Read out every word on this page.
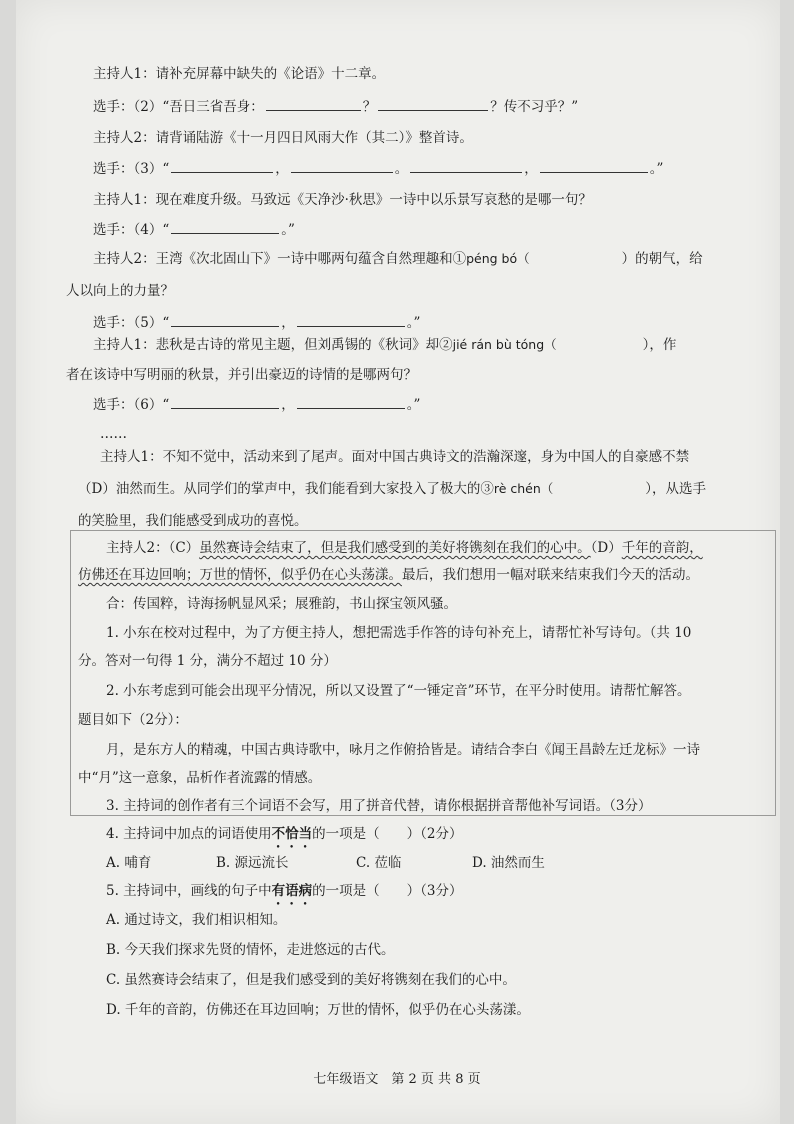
主持人1：请补充屏幕中缺失的《论语》十二章。
选手：（2）“吾日三省吾身：	？	？传不习乎？”
主持人2：请背诵陆游《十一月四日风雨大作（其二）》整首诗。
选手：（3）“	，	。	，	。”
主持人1：现在难度升级。马致远《天净沙·秋思》一诗中以乐景写哀愁的是哪一句？
选手：（4）“	。”
主持人2：王湾《次北固山下》一诗中哪两句蕴含自然理趣和①péng bó（	）的朝气，给
人以向上的力量？
选手：（5）“	，	。”
主持人1：悲秋是古诗的常见主题，但刘禹锡的《秋词》却②jié rán bù tóng（	），作
者在该诗中写明丽的秋景，并引出豪迈的诗情的是哪两句？
选手：（6）“	，	。”
……
主持人1：不知不觉中，活动来到了尾声。面对中国古典诗文的浩瀚深邃，身为中国人的自豪感不禁
（D）油然而生。从同学们的掌声中，我们能看到大家投入了极大的③rè chén（	），从选手
的笑脸里，我们能感受到成功的喜悦。
主持人2：（C）虽然赛诗会结束了，但是我们感受到的美好将镌刻在我们的心中。（D）千年的音韵，
仿佛还在耳边回响；万世的情怀，似乎仍在心头荡漾。最后，我们想用一幅对联来结束我们今天的活动。
合：传国粹，诗海扬帆显风采；展雅韵，书山探宝领风骚。
1. 小东在校对过程中，为了方便主持人，想把需选手作答的诗句补充上，请帮忙补写诗句。（共 10
分。答对一句得 1 分，满分不超过 10 分）
2. 小东考虑到可能会出现平分情况，所以又设置了“一锤定音”环节，在平分时使用。请帮忙解答。
题目如下（2分）：
月，是东方人的精魂，中国古典诗歌中，咏月之作俯拾皆是。请结合李白《闻王昌龄左迁龙标》一诗
中“月”这一意象，品析作者流露的情感。
3. 主持词的创作者有三个词语不会写，用了拼音代替，请你根据拼音帮他补写词语。（3分）
4. 主持词中加点的词语使用不恰当的一项是（　　）（2分）
A. 哺育	B. 源远流长	C. 莅临	D. 油然而生
5. 主持词中，画线的句子中有语病的一项是（　　）（3分）
A. 通过诗文，我们相识相知。
B. 今天我们探求先贤的情怀，走进悠远的古代。
C. 虽然赛诗会结束了，但是我们感受到的美好将镌刻在我们的心中。
D. 千年的音韵，仿佛还在耳边回响；万世的情怀，似乎仍在心头荡漾。
七年级语文　第 2 页 共 8 页
